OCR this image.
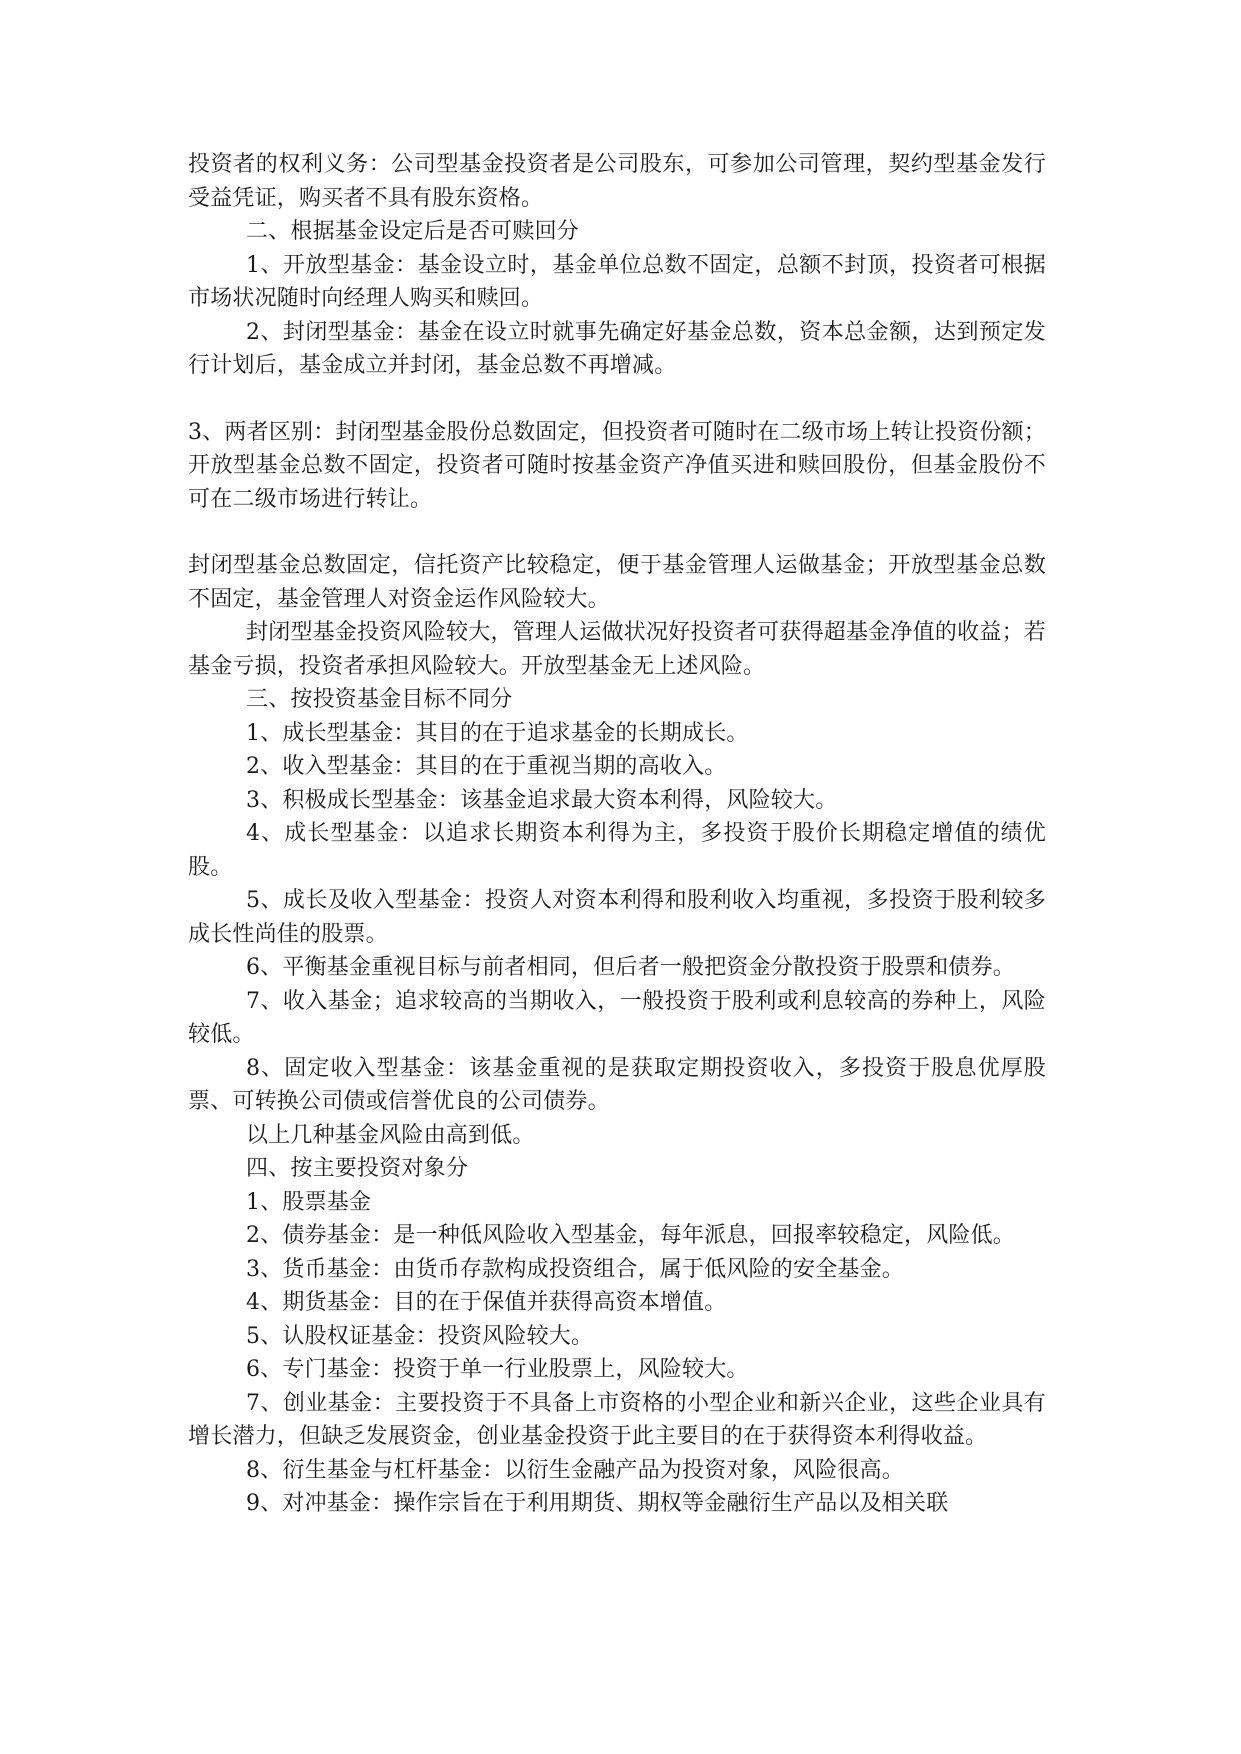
投资者的权利义务：公司型基金投资者是公司股东，可参加公司管理，契约型基金发行受益凭证，购买者不具有股东资格。

二、根据基金设定后是否可赎回分

1、开放型基金：基金设立时，基金单位总数不固定，总额不封顶，投资者可根据市场状况随时向经理人购买和赎回。

2、封闭型基金：基金在设立时就事先确定好基金总数，资本总金额，达到预定发行计划后，基金成立并封闭，基金总数不再增减。

3、两者区别：封闭型基金股份总数固定，但投资者可随时在二级市场上转让投资份额；开放型基金总数不固定，投资者可随时按基金资产净值买进和赎回股份，但基金股份不可在二级市场进行转让。

封闭型基金总数固定，信托资产比较稳定，便于基金管理人运做基金；开放型基金总数不固定，基金管理人对资金运作风险较大。

封闭型基金投资风险较大，管理人运做状况好投资者可获得超基金净值的收益；若基金亏损，投资者承担风险较大。开放型基金无上述风险。

三、按投资基金目标不同分

1、成长型基金：其目的在于追求基金的长期成长。

2、收入型基金：其目的在于重视当期的高收入。

3、积极成长型基金：该基金追求最大资本利得，风险较大。

4、成长型基金：以追求长期资本利得为主，多投资于股价长期稳定增值的绩优股。

5、成长及收入型基金：投资人对资本利得和股利收入均重视，多投资于股利较多成长性尚佳的股票。

6、平衡基金重视目标与前者相同，但后者一般把资金分散投资于股票和债券。

7、收入基金；追求较高的当期收入，一般投资于股利或利息较高的券种上，风险较低。

8、固定收入型基金：该基金重视的是获取定期投资收入，多投资于股息优厚股票、可转换公司债或信誉优良的公司债券。

以上几种基金风险由高到低。

四、按主要投资对象分

1、股票基金

2、债券基金：是一种低风险收入型基金，每年派息，回报率较稳定，风险低。

3、货币基金：由货币存款构成投资组合，属于低风险的安全基金。

4、期货基金：目的在于保值并获得高资本增值。

5、认股权证基金：投资风险较大。

6、专门基金：投资于单一行业股票上，风险较大。

7、创业基金：主要投资于不具备上市资格的小型企业和新兴企业，这些企业具有增长潜力，但缺乏发展资金，创业基金投资于此主要目的在于获得资本利得收益。

8、衍生基金与杠杆基金：以衍生金融产品为投资对象，风险很高。

9、对冲基金：操作宗旨在于利用期货、期权等金融衍生产品以及相关联
